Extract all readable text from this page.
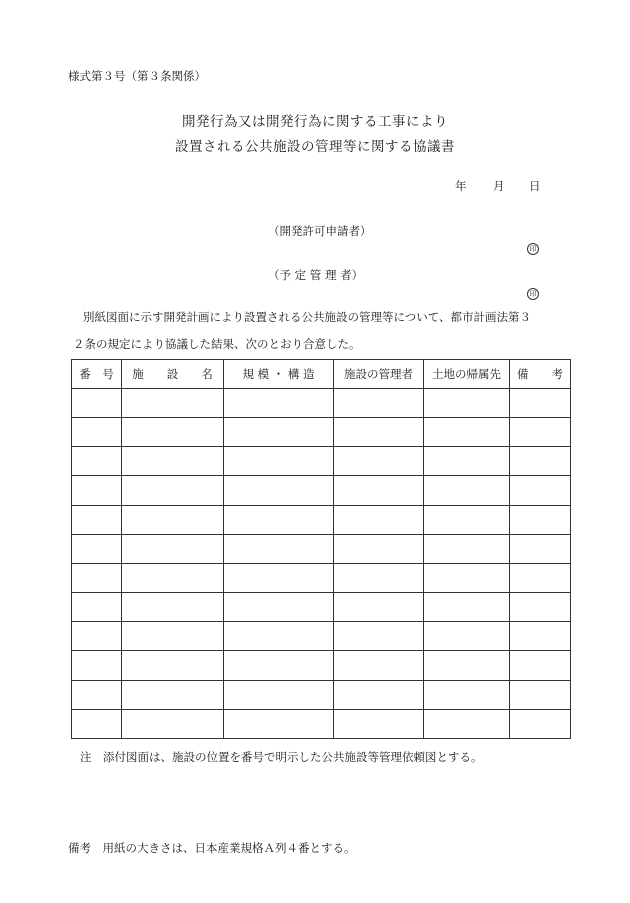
様式第３号（第３条関係）
開発行為又は開発行為に関する工事により
設置される公共施設の管理等に関する協議書
年 月 日
（開発許可申請者）
印
（予 定 管 理 者）
印
別紙図面に示す開発計画により設置される公共施設の管理等について、都市計画法第３
２条の規定により協議した結果、次のとおり合意した。
番　号	施　　設　　名	規 模 ・ 構 造	施設の管理者	土地の帰属先	備　　考

注　添付図面は、施設の位置を番号で明示した公共施設等管理依頼図とする。
備考　用紙の大きさは、日本産業規格Ａ列４番とする。
